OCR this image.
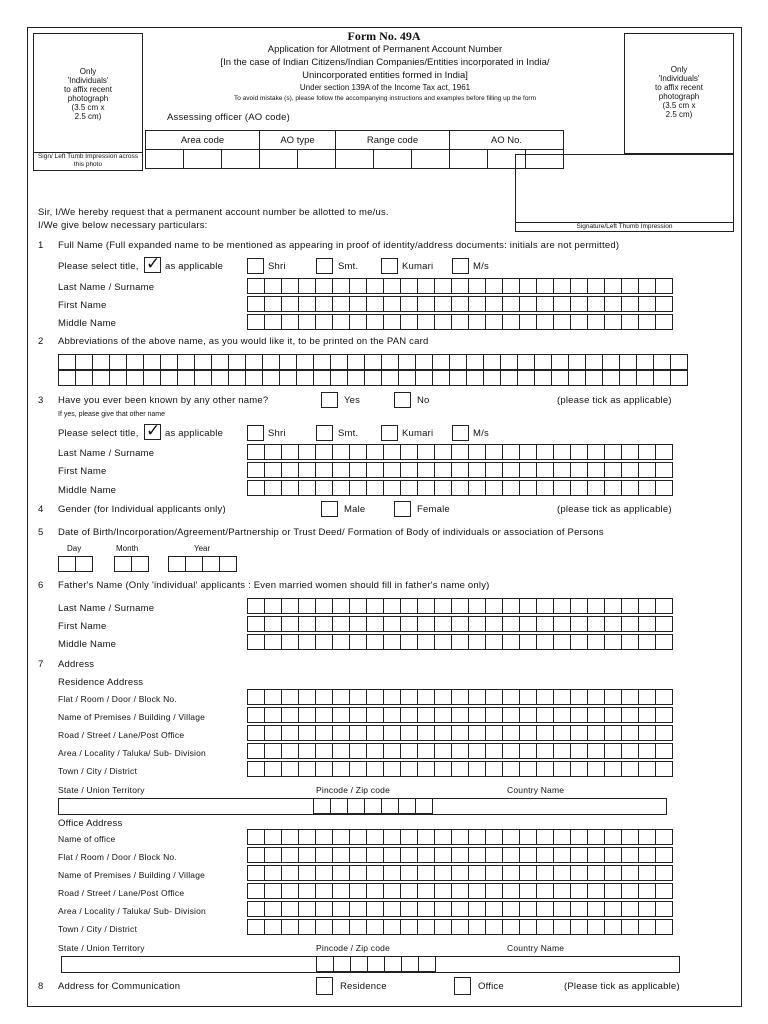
Form No. 49A
Application for Allotment of Permanent Account Number
[In the case of Indian Citizens/Indian Companies/Entities incorporated in India/
Unincorporated entities formed in India]
Under section 139A of the Income Tax act, 1961
To avoid mistake (s), please follow the accompanying instructions and examples before filling up the form
Only
'Individuals'
to affix recent
photograph
(3.5 cm x
2.5 cm)
Sign/ Left Tumb Impression across this photo
Only
'Individuals'
to affix recent
photograph
(3.5 cm x
2.5 cm)
Signature/Left Thumb Impression
Assessing officer (AO code)
Area code			AO type		Range code			AO No.		

Sir, I/We hereby request that a permanent account number be allotted to me/us.
I/We give below necessary particulars:
1 Full Name (Full expanded name to be mentioned as appearing in proof of identity/address documents: initials are not permitted)
Please select title, ✓	as applicable	Shri	Smt.	Kumari	M/s
Last Name / Surname
First Name
Middle Name
2 Abbreviations of the above name, as you would like it, to be printed on the PAN card
3 Have you ever been known by any other name?	Yes	No	(please tick as applicable)
If yes, please give that other name
Please select title, ✓	as applicable	Shri	Smt.	Kumari	M/s
Last Name / Surname
First Name
Middle Name
4 Gender (for Individual applicants only)	Male	Female	(please tick as applicable)
5 Date of Birth/Incorporation/Agreement/Partnership or Trust Deed/ Formation of Body of individuals or association of Persons
Day	Month	Year
6 Father's Name (Only 'individual' applicants : Even married women should fill in father's name only)
Last Name / Surname
First Name
Middle Name
7 Address
Residence Address
Flat / Room / Door / Block No.
Name of Premises / Building / Village
Road / Street / Lane/Post Office
Area / Locality / Taluka/ Sub- Division
Town / City / District
State / Union Territory	Pincode / Zip code	Country Name
Office Address
Name of office
Flat / Room / Door / Block No.
Name of Premises / Building / Village
Road / Street / Lane/Post Office
Area / Locality / Taluka/ Sub- Division
Town / City / District
State / Union Territory	Pincode / Zip code	Country Name
8 Address for Communication	Residence	Office	(Please tick as applicable)
